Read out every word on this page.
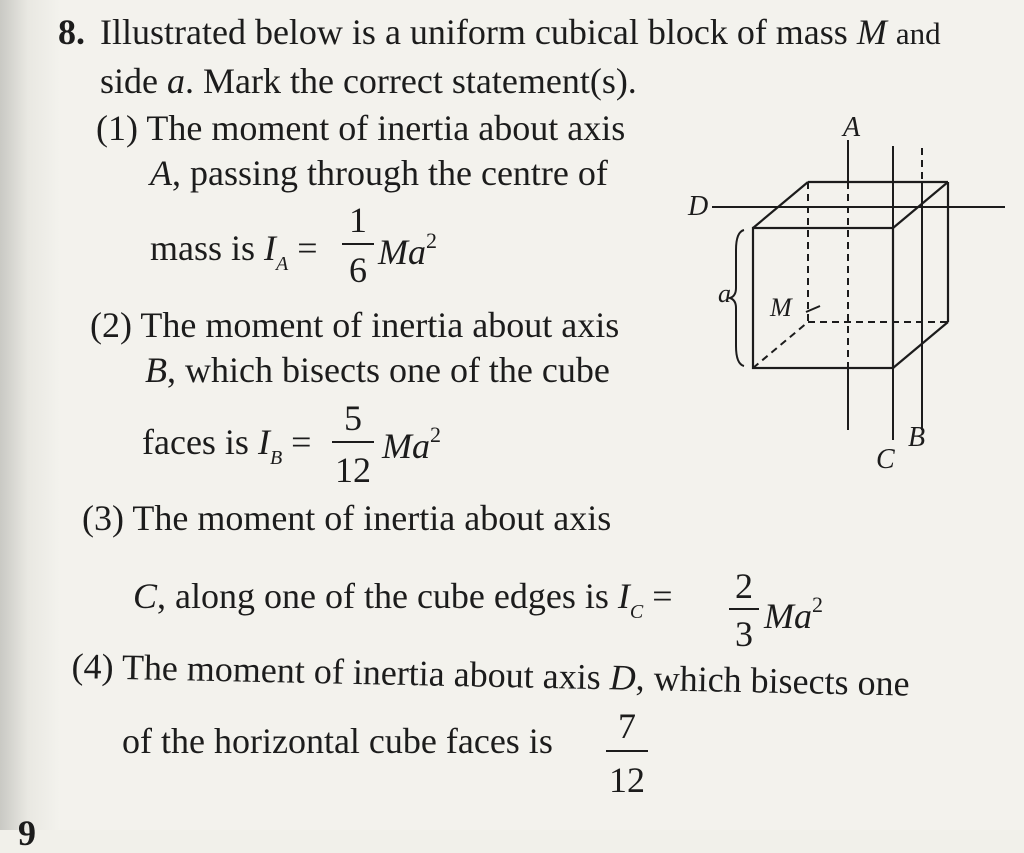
8. Illustrated below is a uniform cubical block of mass M and
side a. Mark the correct statement(s).
(1) The moment of inertia about axis
A, passing through the centre of
mass is $I_A$ =
1
6 Ma$^2$
(2) The moment of inertia about axis
B, which bisects one of the cube
faces is $I_B$ =
5
12
Ma$^2$
(3) The moment of inertia about axis
C, along one of the cube edges is $I_C = 2$
3 Ma$^2$
(4) The moment of inertia about axis D, which bisects one
of the horizontal cube faces is	7
12
9
A
D
a M
C
B
